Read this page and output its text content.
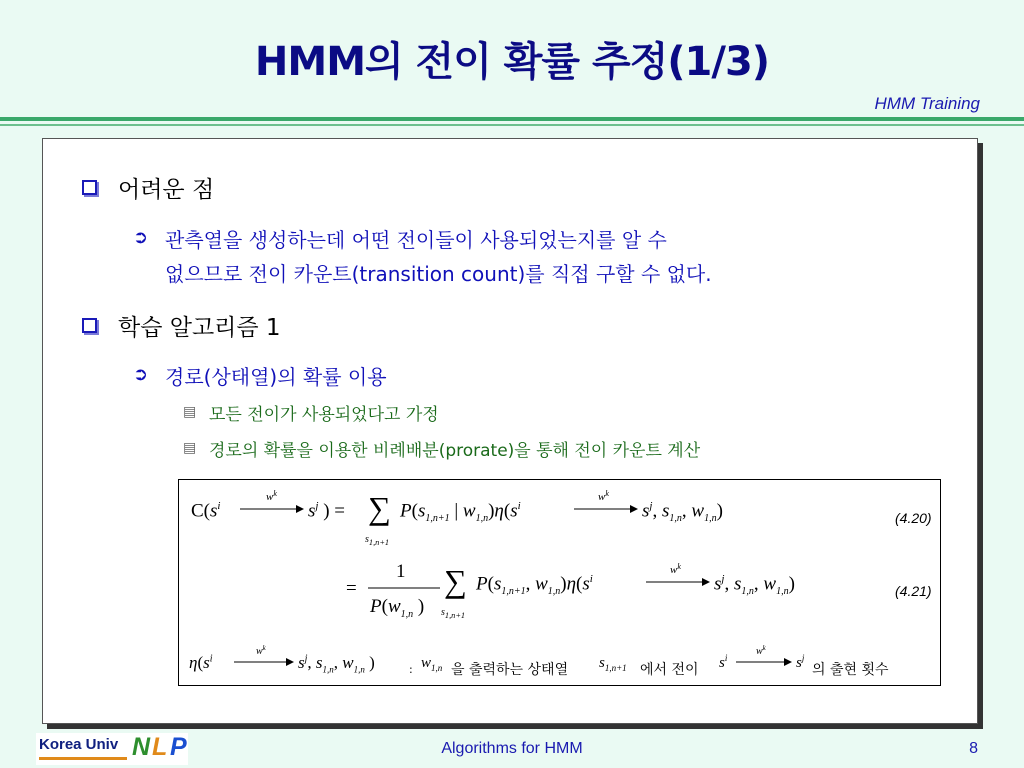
HMM의 전이 확률 추정(1/3)
HMM Training
어려운 점
➲ 관측열을 생성하는데 어떤 전이들이 사용되었는지를 알 수
없으므로 전이 카운트(transition count)를 직접 구할 수 없다.
학습 알고리즘 1
➲ 경로(상태열)의 확률 이용
▤ 모든 전이가 사용되었다고 가정
▤ 경로의 확률을 이용한 비례배분(prorate)을 통해 전이 카운트 계산
$C(s^i$
$w^k$
$s^j$ ) = ∑
$s_{1,n+1}$
$P(s_{1,n+1}$ | $w_{1,n})\eta(s^i$
$w^k$
$s^j$, $s_{1,n}$, $w_{1,n}$)	(4.20)
=
1
$P(w_{1,n}$ )
∑
$s_{1,n+1}$
$P(s_{1,n+1}$, $w_{1,n})\eta(s^i$
$w^k$
$s^j$, $s_{1,n}$, $w_{1,n}$)	(4.21)
$\eta(s^i$
$w^k$
$s^j$, $s_{1,n}$, $w_{1,n}$ )	: $w_{1,n}$ 을 출력하는 상태열 $s_{1,n+1}$ 에서 전이 $s^i$
$w^k$
$s^j$
의 출현 횟수
Korea Univ N L P	Algorithms for HMM	8
